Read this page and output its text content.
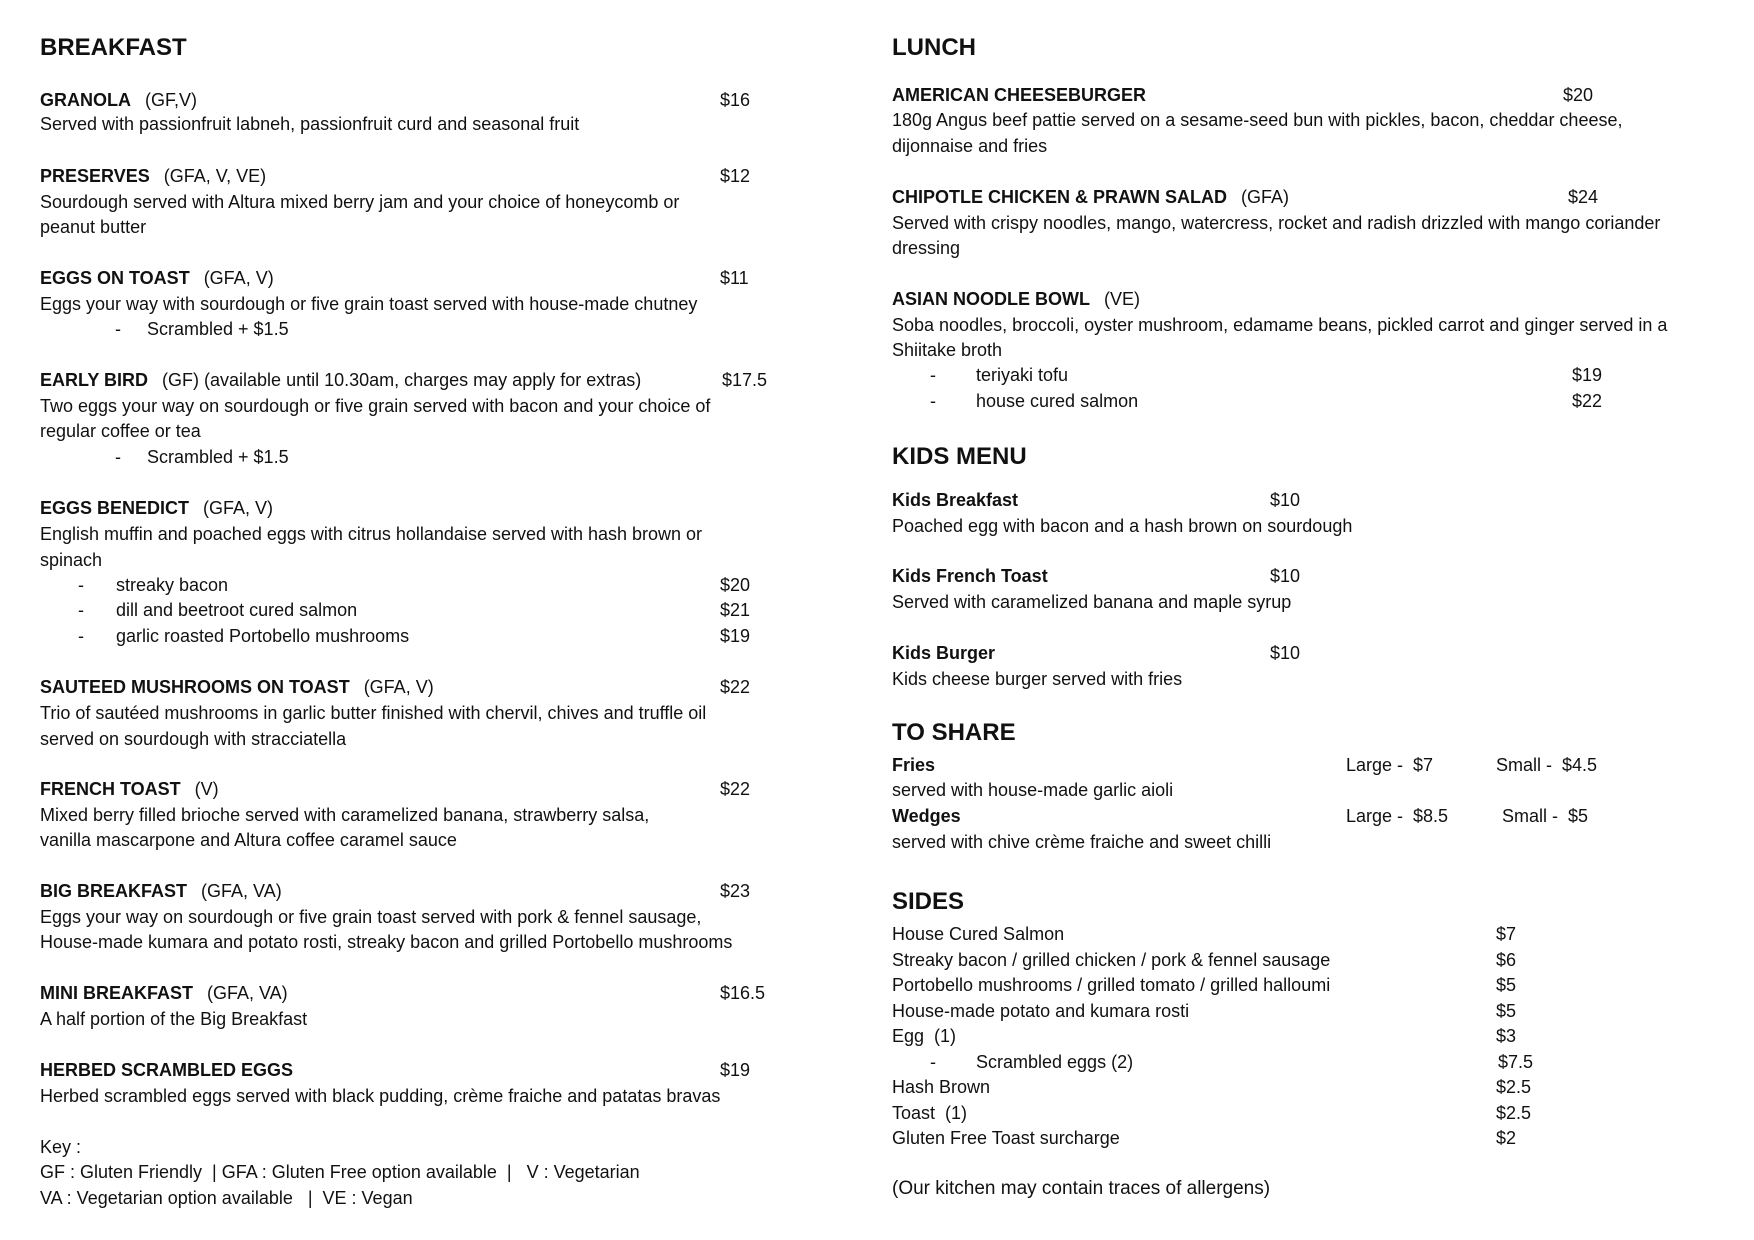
BREAKFAST
GRANOLA (GF,V)	$16
Served with passionfruit labneh, passionfruit curd and seasonal fruit
PRESERVES (GFA, V, VE)	$12
Sourdough served with Altura mixed berry jam and your choice of honeycomb or
peanut butter
EGGS ON TOAST (GFA, V)	$11
Eggs your way with sourdough or five grain toast served with house-made chutney
- Scrambled + $1.5
EARLY BIRD (GF) (available until 10.30am, charges may apply for extras)	$17.5
Two eggs your way on sourdough or five grain served with bacon and your choice of
regular coffee or tea
- Scrambled + $1.5
EGGS BENEDICT (GFA, V)
English muffin and poached eggs with citrus hollandaise served with hash brown or
spinach
- streaky bacon	$20
- dill and beetroot cured salmon	$21
- garlic roasted Portobello mushrooms	$19
SAUTEED MUSHROOMS ON TOAST (GFA, V)	$22
Trio of sautéed mushrooms in garlic butter finished with chervil, chives and truffle oil
served on sourdough with stracciatella
FRENCH TOAST (V)	$22
Mixed berry filled brioche served with caramelized banana, strawberry salsa,
vanilla mascarpone and Altura coffee caramel sauce
BIG BREAKFAST (GFA, VA)	$23
Eggs your way on sourdough or five grain toast served with pork & fennel sausage,
House-made kumara and potato rosti, streaky bacon and grilled Portobello mushrooms
MINI BREAKFAST (GFA, VA)	$16.5
A half portion of the Big Breakfast
HERBED SCRAMBLED EGGS	$19
Herbed scrambled eggs served with black pudding, crème fraiche and patatas bravas
Key :
GF : Gluten Friendly  | GFA : Gluten Free option available  |   V : Vegetarian
VA : Vegetarian option available   |  VE : Vegan
LUNCH
AMERICAN CHEESEBURGER	$20
180g Angus beef pattie served on a sesame-seed bun with pickles, bacon, cheddar cheese,
dijonnaise and fries
CHIPOTLE CHICKEN & PRAWN SALAD (GFA)	$24
Served with crispy noodles, mango, watercress, rocket and radish drizzled with mango coriander
dressing
ASIAN NOODLE BOWL (VE)
Soba noodles, broccoli, oyster mushroom, edamame beans, pickled carrot and ginger served in a
Shiitake broth
- teriyaki tofu	$19
- house cured salmon	$22
KIDS MENU
Kids Breakfast	$10
Poached egg with bacon and a hash brown on sourdough
Kids French Toast	$10
Served with caramelized banana and maple syrup
Kids Burger	$10
Kids cheese burger served with fries
TO SHARE
Fries	Large -  $7	Small -  $4.5
served with house-made garlic aioli
Wedges	Large -  $8.5	Small -  $5
served with chive crème fraiche and sweet chilli
SIDES
House Cured Salmon	$7
Streaky bacon / grilled chicken / pork & fennel sausage	$6
Portobello mushrooms / grilled tomato / grilled halloumi	$5
House-made potato and kumara rosti	$5
Egg  (1)	$3
- Scrambled eggs (2)	$7.5
Hash Brown	$2.5
Toast  (1)	$2.5
Gluten Free Toast surcharge	$2
(Our kitchen may contain traces of allergens)
